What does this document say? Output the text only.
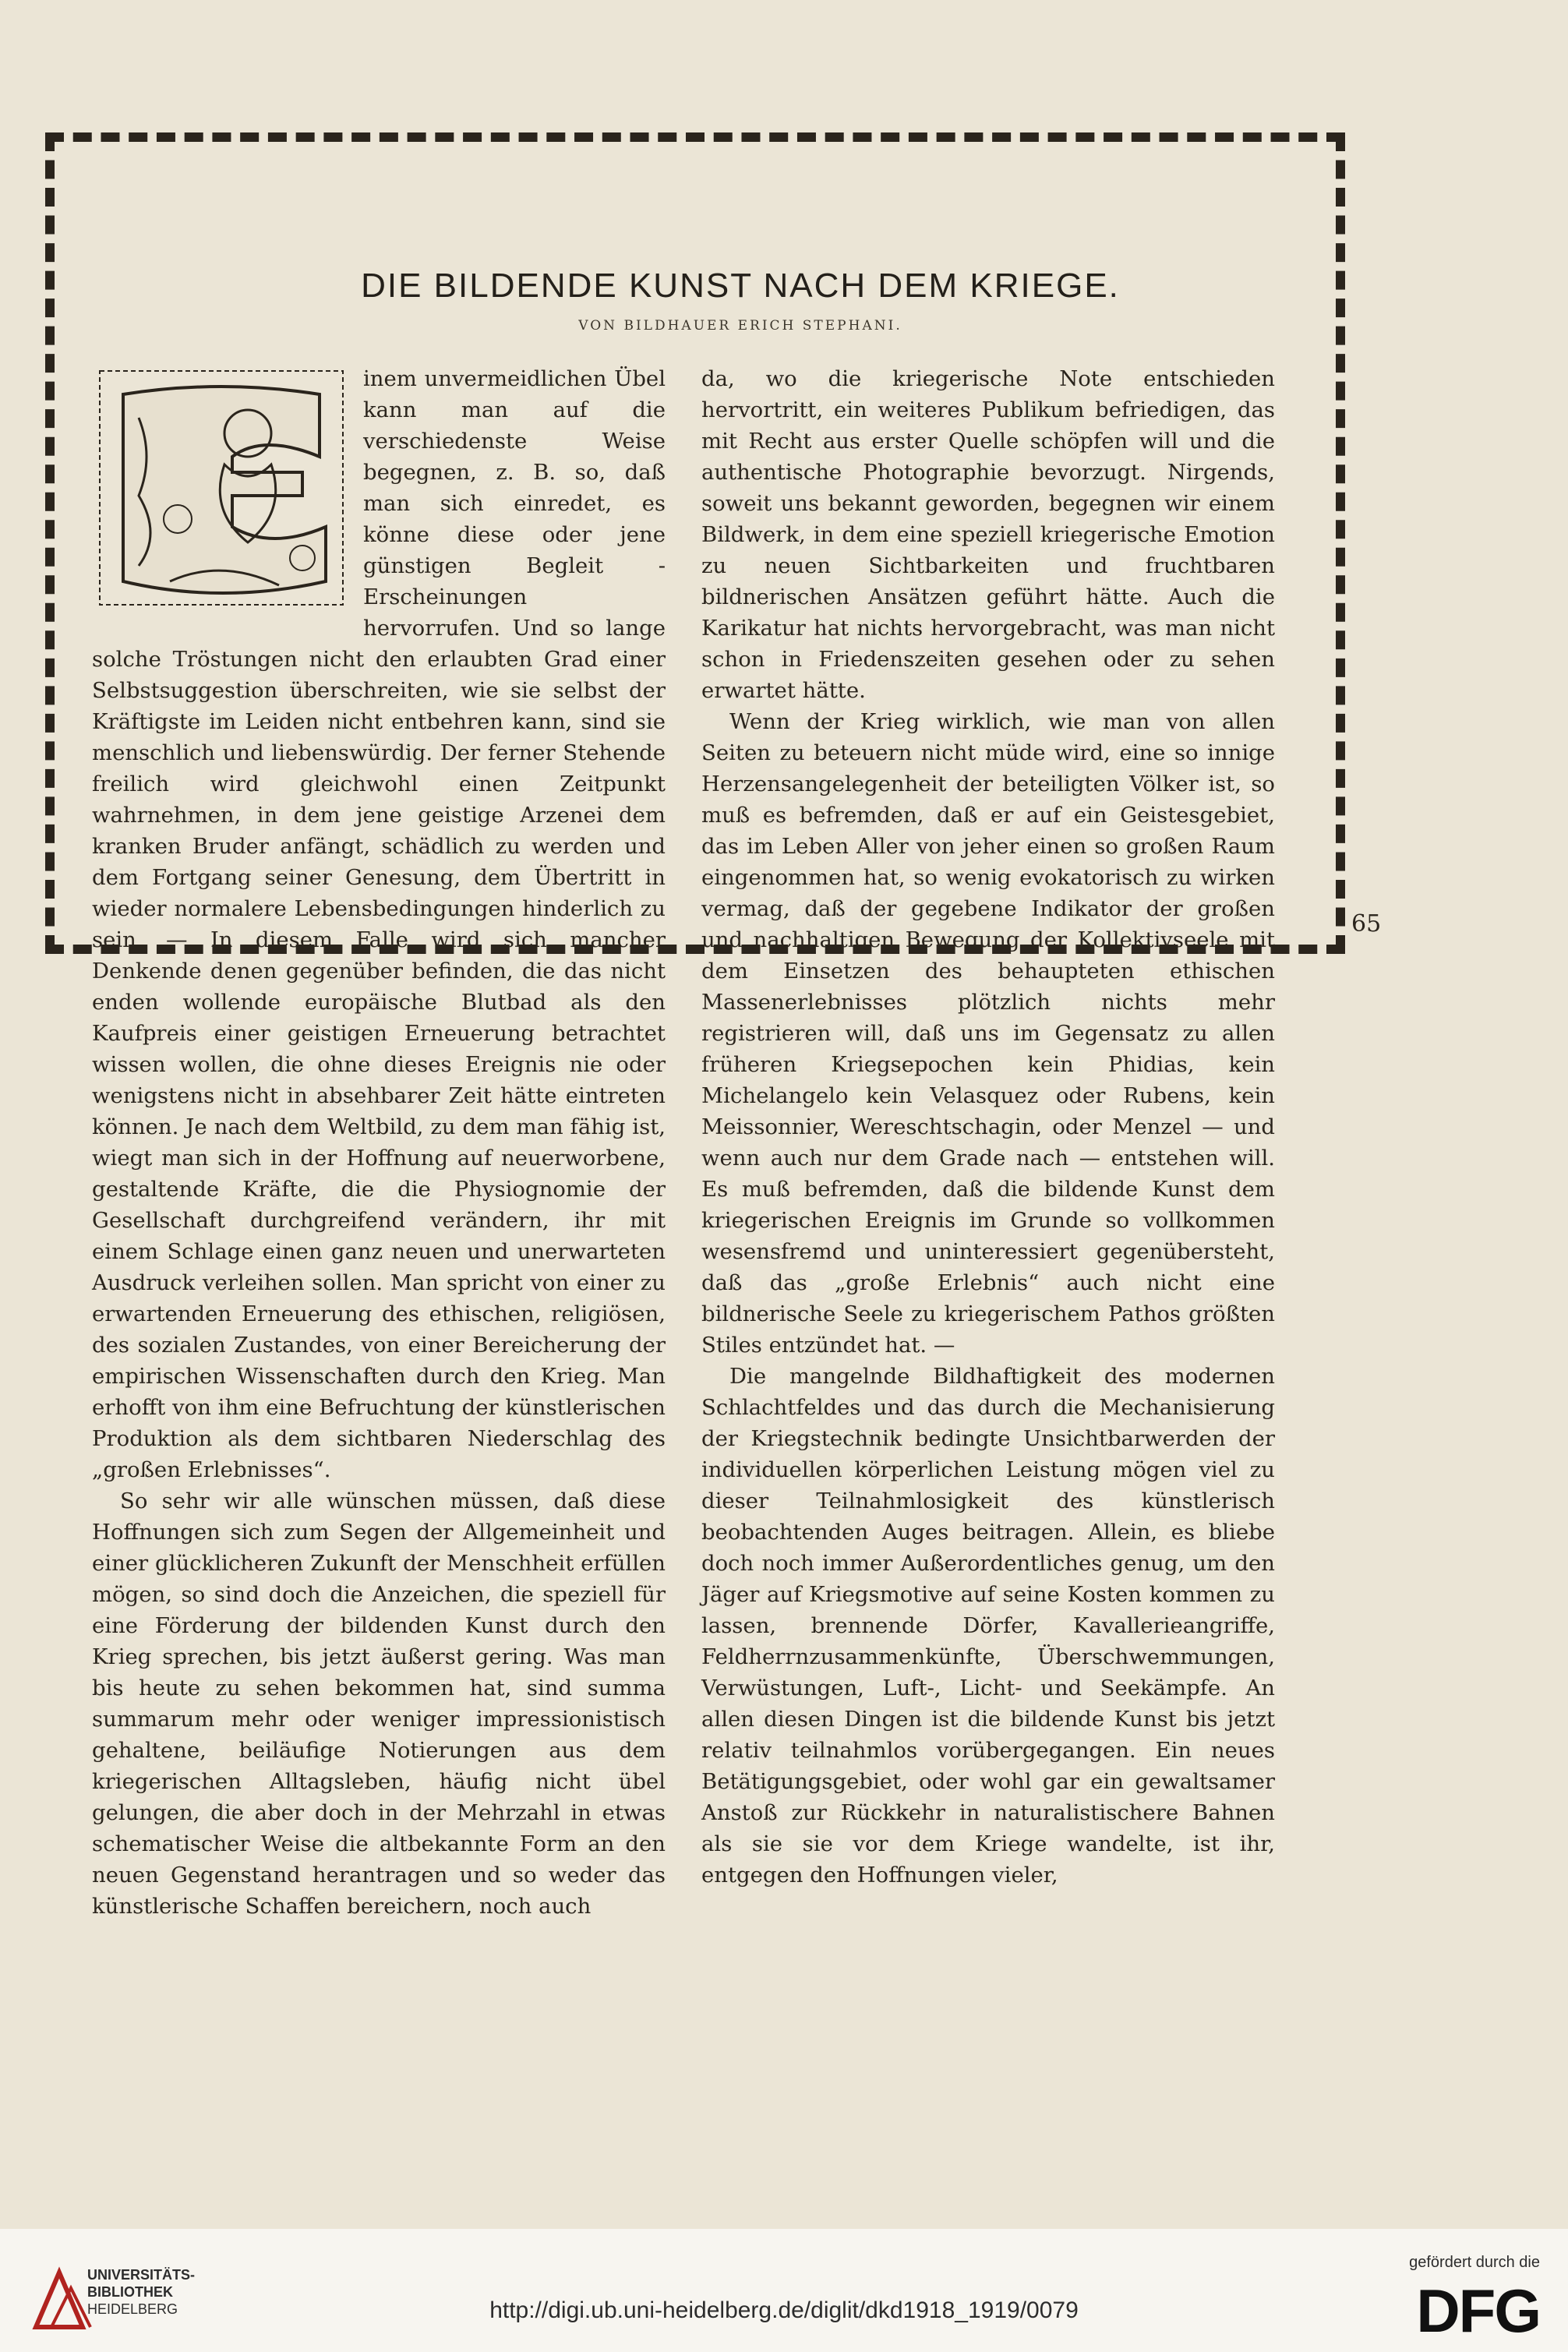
DIE BILDENDE KUNST NACH DEM KRIEGE.
VON BILDHAUER ERICH STEPHANI.

inem unvermeidlichen Übel kann man auf die verschiedenste Weise begegnen, z. B. so, daß man sich einredet, es könne diese oder jene günstigen Begleit - Erscheinungen hervorrufen. Und so lange solche Tröstungen nicht den erlaubten Grad einer Selbstsuggestion überschreiten, wie sie selbst der Kräftigste im Leiden nicht entbehren kann, sind sie menschlich und liebenswürdig. Der ferner Stehende freilich wird gleichwohl einen Zeitpunkt wahrnehmen, in dem jene geistige Arzenei dem kranken Bruder anfängt, schädlich zu werden und dem Fortgang seiner Genesung, dem Übertritt in wieder normalere Lebensbedingungen hinderlich zu sein. — In diesem Falle wird sich mancher Denkende denen gegenüber befinden, die das nicht enden wollende europäische Blutbad als den Kaufpreis einer geistigen Erneuerung betrachtet wissen wollen, die ohne dieses Ereignis nie oder wenigstens nicht in absehbarer Zeit hätte eintreten können. Je nach dem Weltbild, zu dem man fähig ist, wiegt man sich in der Hoffnung auf neuerworbene, gestaltende Kräfte, die die Physiognomie der Gesellschaft durchgreifend verändern, ihr mit einem Schlage einen ganz neuen und unerwarteten Ausdruck verleihen sollen. Man spricht von einer zu erwartenden Erneuerung des ethischen, religiösen, des sozialen Zustandes, von einer Bereicherung der empirischen Wissenschaften durch den Krieg. Man erhofft von ihm eine Befruchtung der künstlerischen Produktion als dem sichtbaren Niederschlag des „großen Erlebnisses“.

So sehr wir alle wünschen müssen, daß diese Hoffnungen sich zum Segen der Allgemeinheit und einer glücklicheren Zukunft der Menschheit erfüllen mögen, so sind doch die Anzeichen, die speziell für eine Förderung der bildenden Kunst durch den Krieg sprechen, bis jetzt äußerst gering. Was man bis heute zu sehen bekommen hat, sind summa summarum mehr oder weniger impressionistisch gehaltene, beiläufige Notierungen aus dem kriegerischen Alltagsleben, häufig nicht übel gelungen, die aber doch in der Mehrzahl in etwas schematischer Weise die altbekannte Form an den neuen Gegenstand herantragen und so weder das künstlerische Schaffen bereichern, noch auch

da, wo die kriegerische Note entschieden hervortritt, ein weiteres Publikum befriedigen, das mit Recht aus erster Quelle schöpfen will und die authentische Photographie bevorzugt. Nirgends, soweit uns bekannt geworden, begegnen wir einem Bildwerk, in dem eine speziell kriegerische Emotion zu neuen Sichtbarkeiten und fruchtbaren bildnerischen Ansätzen geführt hätte. Auch die Karikatur hat nichts hervorgebracht, was man nicht schon in Friedenszeiten gesehen oder zu sehen erwartet hätte.

Wenn der Krieg wirklich, wie man von allen Seiten zu beteuern nicht müde wird, eine so innige Herzensangelegenheit der beteiligten Völker ist, so muß es befremden, daß er auf ein Geistesgebiet, das im Leben Aller von jeher einen so großen Raum eingenommen hat, so wenig evokatorisch zu wirken vermag, daß der gegebene Indikator der großen und nachhaltigen Bewegung der Kollektivseele mit dem Einsetzen des behaupteten ethischen Massenerlebnisses plötzlich nichts mehr registrieren will, daß uns im Gegensatz zu allen früheren Kriegsepochen kein Phidias, kein Michelangelo kein Velasquez oder Rubens, kein Meissonnier, Wereschtschagin, oder Menzel — und wenn auch nur dem Grade nach — entstehen will. Es muß befremden, daß die bildende Kunst dem kriegerischen Ereignis im Grunde so vollkommen wesensfremd und uninteressiert gegenübersteht, daß das „große Erlebnis“ auch nicht eine bildnerische Seele zu kriegerischem Pathos größten Stiles entzündet hat. —

Die mangelnde Bildhaftigkeit des modernen Schlachtfeldes und das durch die Mechanisierung der Kriegstechnik bedingte Unsichtbarwerden der individuellen körperlichen Leistung mögen viel zu dieser Teilnahmlosigkeit des künstlerisch beobachtenden Auges beitragen. Allein, es bliebe doch noch immer Außerordentliches genug, um den Jäger auf Kriegsmotive auf seine Kosten kommen zu lassen, brennende Dörfer, Kavallerieangriffe, Feldherrnzusammenkünfte, Überschwemmungen, Verwüstungen, Luft-, Licht- und Seekämpfe. An allen diesen Dingen ist die bildende Kunst bis jetzt relativ teilnahmlos vorübergegangen. Ein neues Betätigungsgebiet, oder wohl gar ein gewaltsamer Anstoß zur Rückkehr in naturalistischere Bahnen als sie sie vor dem Kriege wandelte, ist ihr, entgegen den Hoffnungen vieler,

65
UNIVERSITÄTS-
BIBLIOTHEK
HEIDELBERG	http://digi.ub.uni-heidelberg.de/diglit/dkd1918_1919/0079
gefördert durch die
DFG
